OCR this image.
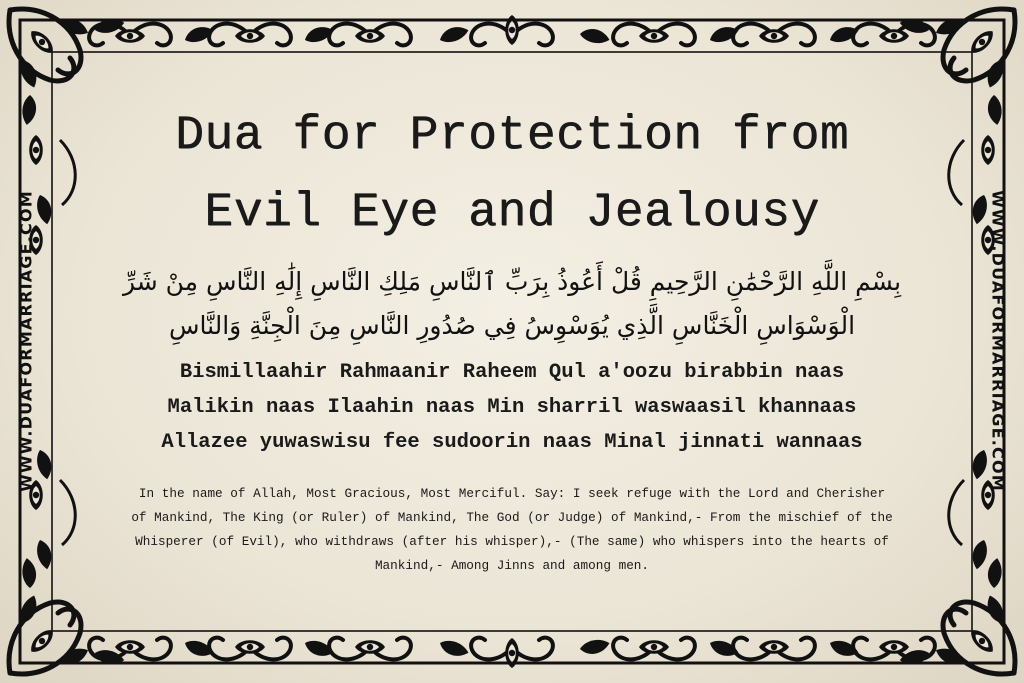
Dua for Protection from
Evil Eye and Jealousy
بِسْمِ اللَّهِ الرَّحْمَٰنِ الرَّحِيمِ قُلْ أَعُوذُ بِرَبِّ ٱلنَّاسِ مَلِكِ النَّاسِ إِلَٰهِ النَّاسِ مِنْ شَرِّ الْوَسْوَاسِ الْخَنَّاسِ الَّذِي يُوَسْوِسُ فِي صُدُورِ النَّاسِ مِنَ الْجِنَّةِ وَالنَّاسِ
Bismillaahir Rahmaanir Raheem Qul a'oozu birabbin naas
Malikin naas Ilaahin naas Min sharril waswaasil khannaas
Allazee yuwaswisu fee sudoorin naas Minal jinnati wannaas
In the name of Allah, Most Gracious, Most Merciful. Say: I seek refuge with the Lord and Cherisher of Mankind, The King (or Ruler) of Mankind, The God (or Judge) of Mankind,- From the mischief of the Whisperer (of Evil), who withdraws (after his whisper),- (The same) who whispers into the hearts of Mankind,- Among Jinns and among men.
WWW.DUAFORMARRIAGE.COM	WWW.DUAFORMARRIAGE.COM
